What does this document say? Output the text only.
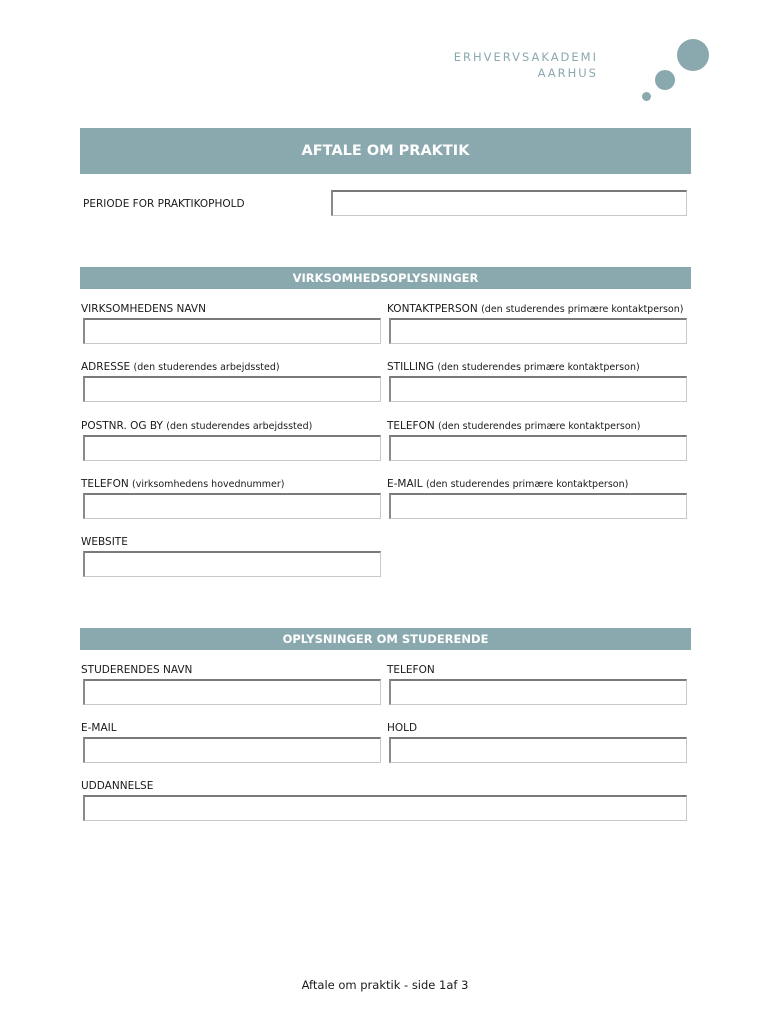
ERHVERVSAKADEMI
AARHUS
AFTALE OM PRAKTIK
PERIODE FOR PRAKTIKOPHOLD
VIRKSOMHEDSOPLYSNINGER
VIRKSOMHEDENS NAVN	KONTAKTPERSON (den studerendes primære kontaktperson)
ADRESSE (den studerendes arbejdssted)	STILLING (den studerendes primære kontaktperson)
POSTNR. OG BY (den studerendes arbejdssted)	TELEFON (den studerendes primære kontaktperson)
TELEFON (virksomhedens hovednummer)	E-MAIL (den studerendes primære kontaktperson)
WEBSITE
OPLYSNINGER OM STUDERENDE
STUDERENDES NAVN	TELEFON
E-MAIL	HOLD
UDDANNELSE
Aftale om praktik - side 1af 3
